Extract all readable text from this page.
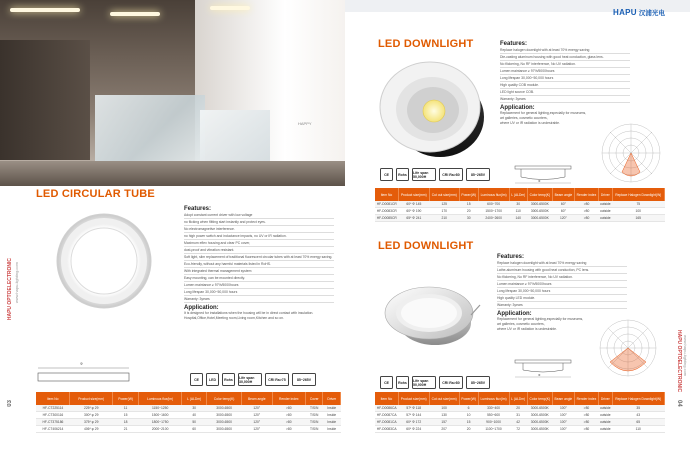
HAPPY
HAPU OPTOELECTRONIC www.hapu-lighting.com
03
LED CIRCULAR TUBE
Φ
Features:
Adopt constant current driver with low voltage
no flicking when flitting start instantly and protect eyes.
No electromagnetive interference.
no high power switch and inductance impacts, no UV or IR radiation.
Maximum eflex housing and clear PC cover,
dust-proof and vibration resistant.
Soft light, slim replacement of traditional fluorescent circular tubes with at least 70% energy saving.
Eco-friendly, without any harmful materials listed in RoHS.
With integrated thermal management system
Easy mounting, can be mounted directly.
Lumen maintance ≥ 97%/5000hours
Long lifespan 30,000~50,000 hours
Warranty: 3years
Application:
It is designed for installations when the housing will be in direct contact with insulation.
Hospital,Office,Hotel,Meeting room,Living room,Kitchen and so on.
CE	LED	Rohs	Life span 30,000H	CRI Ra>75	85~265V
Item No	Product size(mm)	Power(W)	Luminous flux(lm)	L (ALDm)	Color temp(K)	Beam angle	Render index	Cover	Driver
HF-CT225114	225* φ 29	11	1150~1250	30	3000-6500	120°	>80	T/S/N	Inside
HF-CT300116	300* φ 29	15	1500~1600	40	3000-6500	120°	>80	T/S/N	Inside
HF-CT375186	375* φ 29	18	1800~1750	50	3000-6500	120°	>80	T/S/N	Inside
HF-CT406214	406* φ 29	21	2000~2100	60	3000-6500	120°	>80	T/S/N	Inside
HAPU 汉浦光电
HAPU OPTOELECTRONIC www.hapu-lighting.com
04
LED DOWNLIGHT	Features:
Replace halogen downlight with at least 70% energy saving
Die-casting aluminum housing with good heat conduction, glass lens.
No flickering, No RF interference, No UV radiation.
Lumen maintance ≥ 97%/5000hours
Long lifespan 30,000~50,000 hours
High quality COB module.
LED light source COB.
Warranty: 3years
Application:
Replacement for general lighting,especially for museums,
art galleries, cosmetic counters,
where UV or IR radiation is undesirable.
Φ
CE	Rohs	Life span 50,000H	CRI Ra>80	85~265V
Item No	Product size(mm)	Cut out size(mm)	Power(W)	Luminous flux(lm)	L (ALDm)	Color temp(K)	Beam angle	Render index	Driver	Replace Halogen Downlight(W)
HF-D0081CR	60* Φ 145	125	15	600~700	30	3000-6500K	60°	>80	outside	75
HF-D0083CR	60* Φ 190	170	20	1500~1700	110	3000-6500K	60°	>80	outside	100
HF-D0085CR	65* Φ 241	210	30	2400~2600	140	3000-6500K	120°	>80	outside	165
LED DOWNLIGHT
Features:
Replace halogen downlight with at least 70% energy saving
Lathe-aluminum housing with good heat conduction, PC lens.
No flickering, No RF interference, No UV radiation.
Lumen maintance ≥ 97%/5000hours
Long lifespan 30,000~50,000 hours
High quality LED module.
Warranty: 3years
Application:
Replacement for general lighting,especially for museums,
art galleries, cosmetic counters,
where UV or IR radiation is undesirable.
Φ
CE	Rohs	Life span 50,000H	CRI Ra>80	85~265V
Item No	Product size(mm)	Cut out size(mm)	Power(W)	Luminous flux(lm)	L (ALDm)	Color temp(K)	Beam angle	Render index	Driver	Replace Halogen Downlight(W)
HF-D0086CA	57* Φ 118	100	6	330~400	20	3000-6500K	100°	>80	outside	35
HF-D0087CA	57* Φ 144	130	10	550~600	31	3000-6500K	100°	>80	outside	43
HF-D0081CA	60* Φ 172	157	15	900~1000	42	3000-6500K	100°	>80	outside	65
HF-D0083CA	60* Φ 224	207	20	1100~1700	72	3000-6500K	100°	>80	outside	110
